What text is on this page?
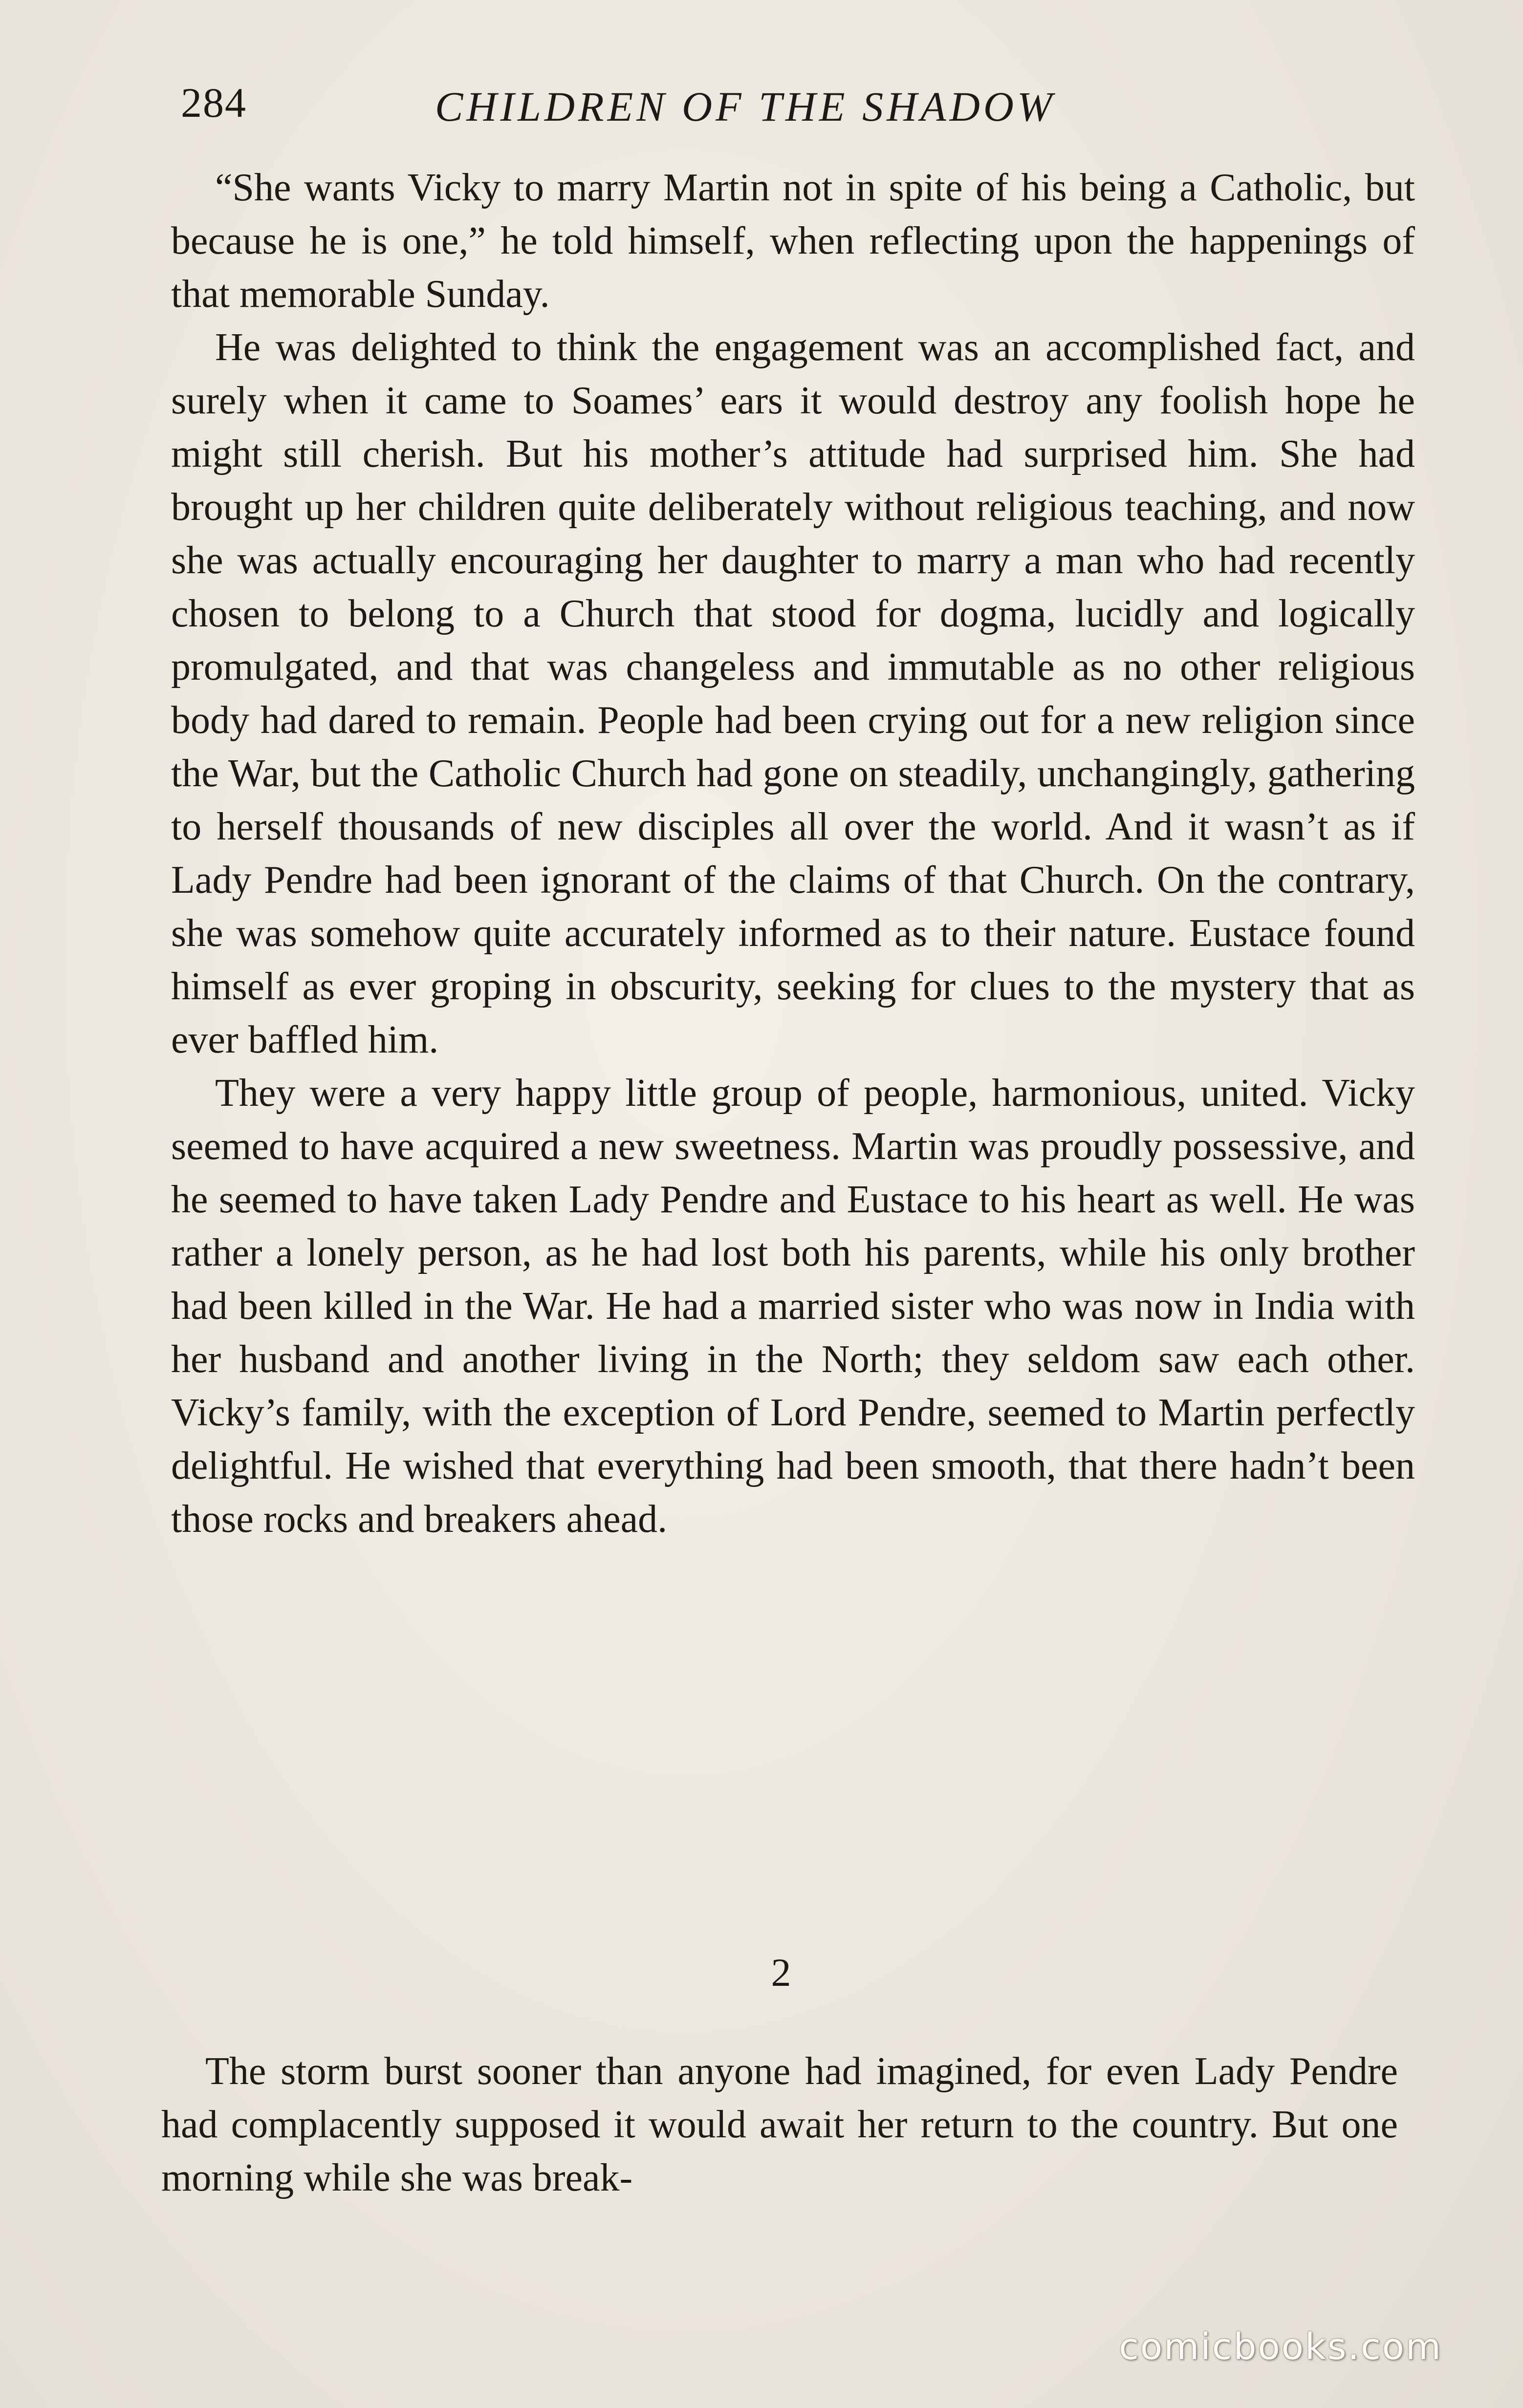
284	CHILDREN OF THE SHADOW

“She wants Vicky to marry Martin not in spite of his being a Catholic, but because he is one,” he told himself, when reflecting upon the happenings of that memorable Sunday.

He was delighted to think the engagement was an accomplished fact, and surely when it came to Soames’ ears it would destroy any foolish hope he might still cherish. But his mother’s attitude had surprised him. She had brought up her children quite deliberately without religious teaching, and now she was actually encouraging her daughter to marry a man who had recently chosen to belong to a Church that stood for dogma, lucidly and logically promulgated, and that was changeless and immutable as no other religious body had dared to remain. People had been crying out for a new religion since the War, but the Catholic Church had gone on steadily, unchangingly, gathering to herself thousands of new disciples all over the world. And it wasn’t as if Lady Pendre had been ignorant of the claims of that Church. On the contrary, she was somehow quite accurately informed as to their nature. Eustace found himself as ever groping in obscurity, seeking for clues to the mystery that as ever baffled him.

They were a very happy little group of people, harmonious, united. Vicky seemed to have acquired a new sweetness. Martin was proudly possessive, and he seemed to have taken Lady Pendre and Eustace to his heart as well. He was rather a lonely person, as he had lost both his parents, while his only brother had been killed in the War. He had a married sister who was now in India with her husband and another living in the North; they seldom saw each other. Vicky’s family, with the exception of Lord Pendre, seemed to Martin perfectly delightful. He wished that everything had been smooth, that there hadn’t been those rocks and breakers ahead.

2

The storm burst sooner than anyone had imagined, for even Lady Pendre had complacently supposed it would await her return to the country. But one morning while she was break-

comicbooks.com
